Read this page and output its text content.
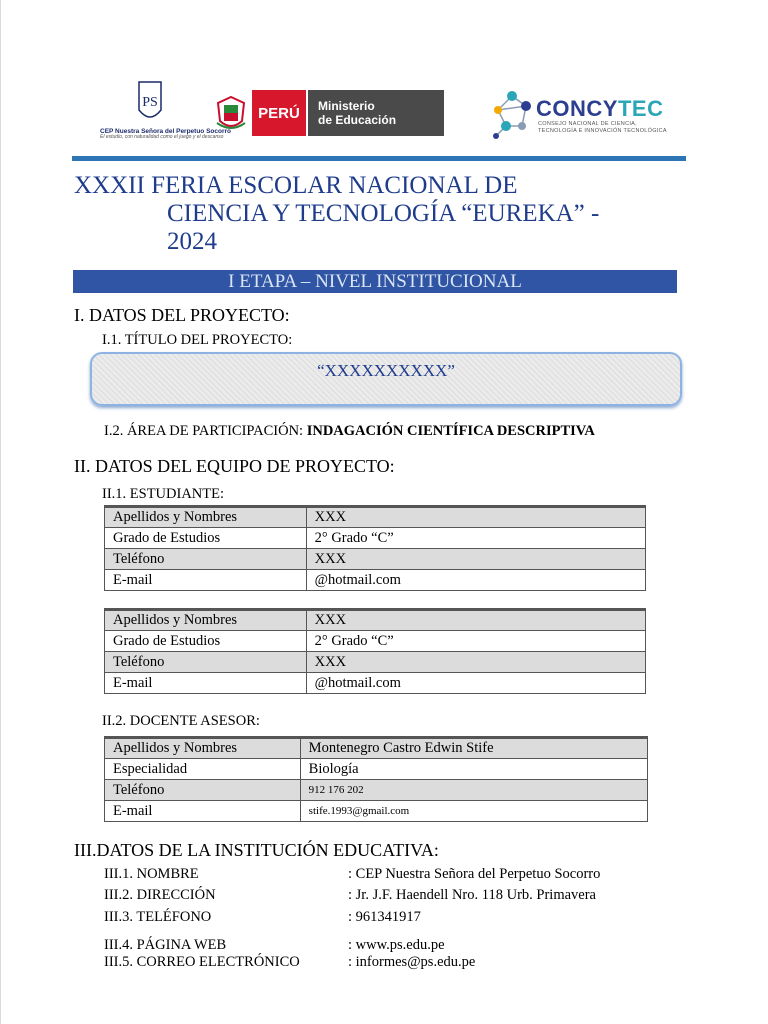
PS
CEP Nuestra Señora del Perpetuo Socorro
El estudio, con naturalidad como el juego y el descanso
PERÚ	Ministerio
de Educación	CONCYTEC
CONSEJO NACIONAL DE CIENCIA,
TECNOLOGÍA E INNOVACIÓN TECNOLÓGICA
XXXII FERIA ESCOLAR NACIONAL DE
CIENCIA Y TECNOLOGÍA “EUREKA” -
2024
I ETAPA – NIVEL INSTITUCIONAL
I. DATOS DEL PROYECTO:
I.1. TÍTULO DEL PROYECTO:
“XXXXXXXXXX”
I.2. ÁREA DE PARTICIPACIÓN: INDAGACIÓN CIENTÍFICA DESCRIPTIVA
II. DATOS DEL EQUIPO DE PROYECTO:
II.1. ESTUDIANTE:
Apellidos y Nombres	XXX
Grado de Estudios	2° Grado “C”
Teléfono	XXX
E-mail	@hotmail.com
Apellidos y Nombres	XXX
Grado de Estudios	2° Grado “C”
Teléfono	XXX
E-mail	@hotmail.com
II.2. DOCENTE ASESOR:
Apellidos y Nombres	Montenegro Castro Edwin Stife
Especialidad	Biología
Teléfono	912 176 202
E-mail	stife.1993@gmail.com
III.DATOS DE LA INSTITUCIÓN EDUCATIVA:
III.1. NOMBRE	: CEP Nuestra Señora del Perpetuo Socorro
III.2. DIRECCIÓN	: Jr. J.F. Haendell Nro. 118 Urb. Primavera
III.3. TELÉFONO	: 961341917
III.4. PÁGINA WEB	: www.ps.edu.pe
III.5. CORREO ELECTRÓNICO	: informes@ps.edu.pe
